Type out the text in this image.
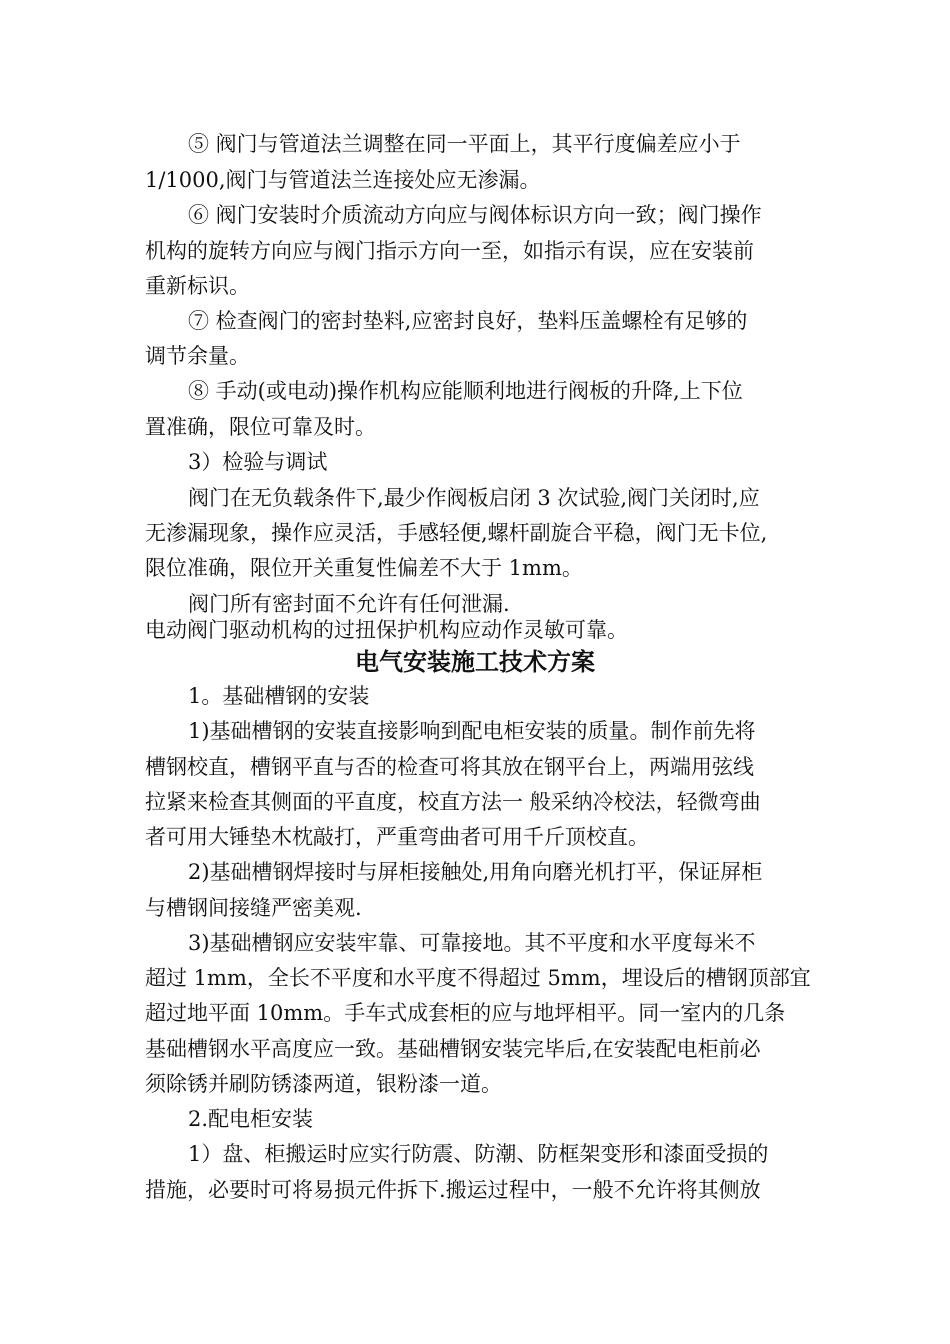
⑤ 阀门与管道法兰调整在同一平面上，其平行度偏差应小于
1/1000,阀门与管道法兰连接处应无渗漏。
⑥ 阀门安装时介质流动方向应与阀体标识方向一致；阀门操作
机构的旋转方向应与阀门指示方向一至，如指示有误，应在安装前
重新标识。
⑦ 检查阀门的密封垫料,应密封良好，垫料压盖螺栓有足够的
调节余量。
⑧ 手动(或电动)操作机构应能顺利地进行阀板的升降,上下位
置准确，限位可靠及时。
3）检验与调试
阀门在无负载条件下,最少作阀板启闭 3 次试验,阀门关闭时,应
无渗漏现象，操作应灵活，手感轻便,螺杆副旋合平稳，阀门无卡位,
限位准确，限位开关重复性偏差不大于 1mm。
阀门所有密封面不允许有任何泄漏.
电动阀门驱动机构的过扭保护机构应动作灵敏可靠。
电气安装施工技术方案
1。基础槽钢的安装
1)基础槽钢的安装直接影响到配电柜安装的质量。制作前先将
槽钢校直，槽钢平直与否的检查可将其放在钢平台上，两端用弦线
拉紧来检查其侧面的平直度，校直方法一 般采纳冷校法，轻微弯曲
者可用大锤垫木枕敲打，严重弯曲者可用千斤顶校直。
2)基础槽钢焊接时与屏柜接触处,用角向磨光机打平，保证屏柜
与槽钢间接缝严密美观.
3)基础槽钢应安装牢靠、可靠接地。其不平度和水平度每米不
超过 1mm，全长不平度和水平度不得超过 5mm，埋设后的槽钢顶部宜
超过地平面 10mm。手车式成套柜的应与地坪相平。同一室内的几条
基础槽钢水平高度应一致。基础槽钢安装完毕后,在安装配电柜前必
须除锈并刷防锈漆两道，银粉漆一道。
2.配电柜安装
1）盘、柜搬运时应实行防震、防潮、防框架变形和漆面受损的
措施，必要时可将易损元件拆下.搬运过程中，一般不允许将其侧放
